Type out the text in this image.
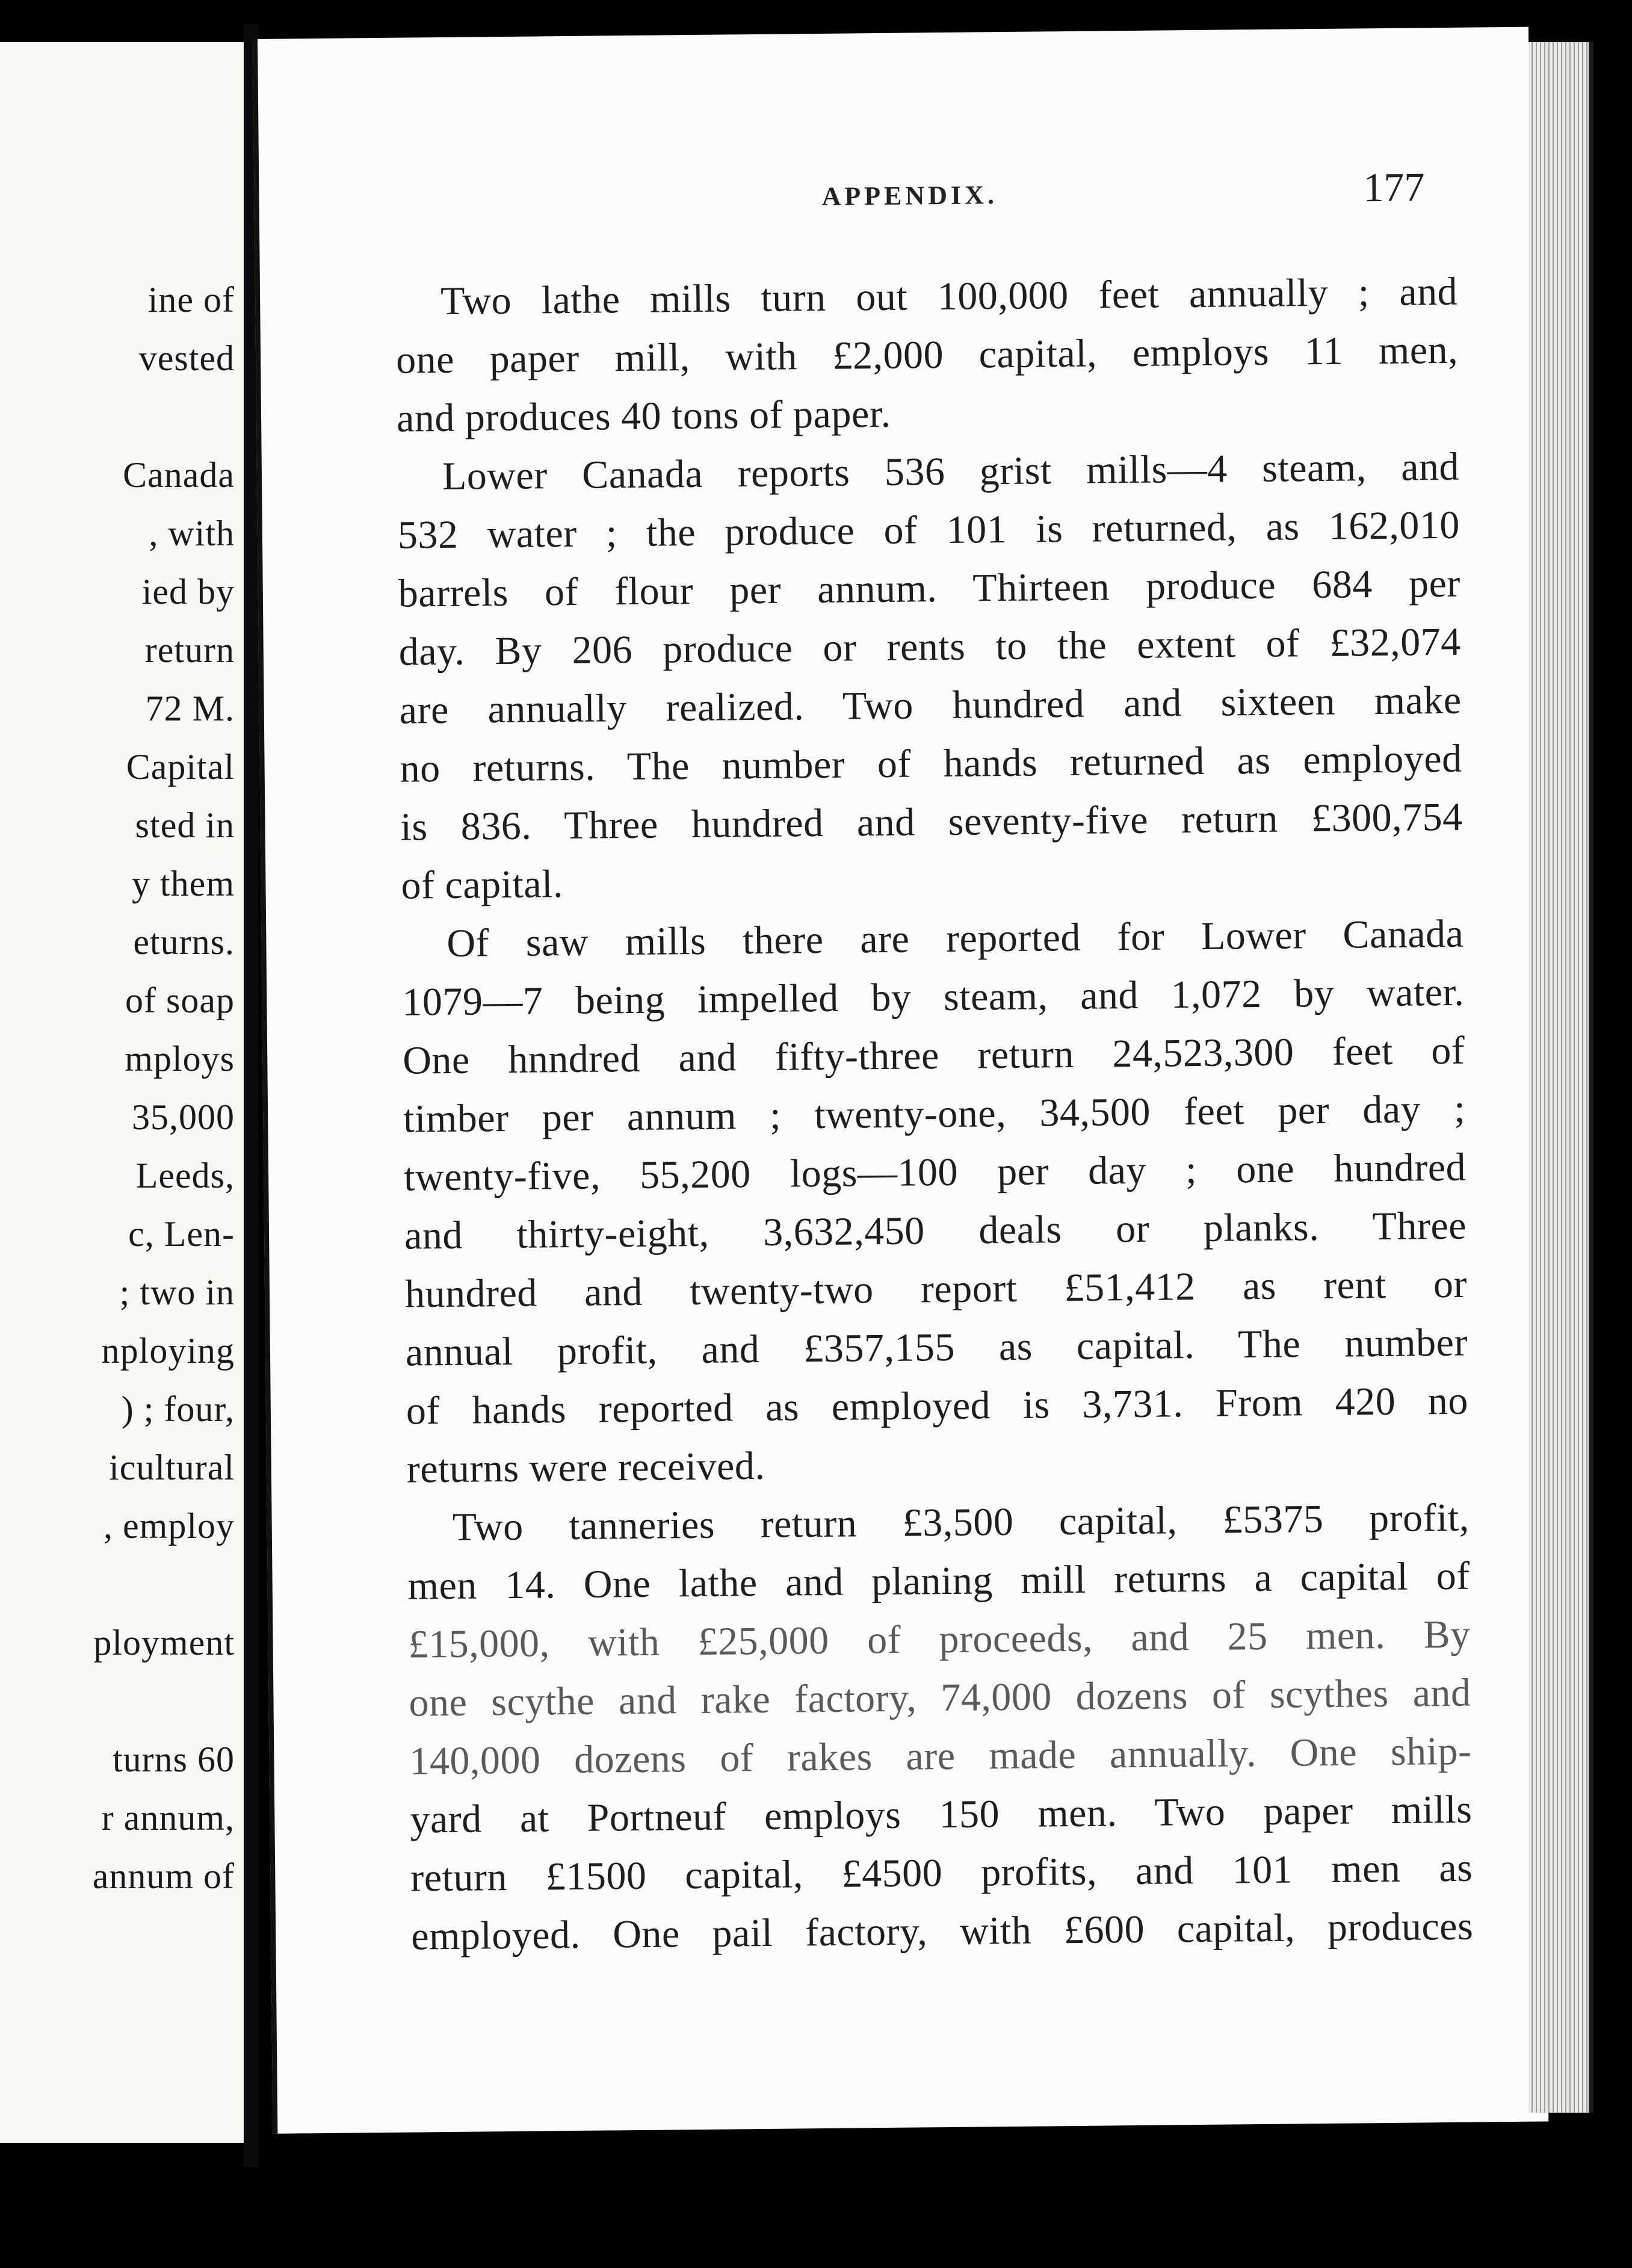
ine of
vested
Canada
, with
ied by
return
72 M.
Capital
sted in
y them
eturns.
of soap
mploys
35,000
Leeds,
c, Len-
; two in
nploying
) ; four,
icultural
, employ
ployment
turns 60
r annum,
annum of
APPENDIX.	177
Two lathe mills turn out 100,000 feet annually ; and
one paper mill, with £2,000 capital, employs 11 men,
and produces 40 tons of paper.
Lower Canada reports 536 grist mills—4 steam, and
532 water ; the produce of 101 is returned, as 162,010
barrels of flour per annum. Thirteen produce 684 per
day. By 206 produce or rents to the extent of £32,074
are annually realized. Two hundred and sixteen make
no returns. The number of hands returned as employed
is 836. Three hundred and seventy-five return £300,754
of capital.
Of saw mills there are reported for Lower Canada
1079—7 being impelled by steam, and 1,072 by water.
One hnndred and fifty-three return 24,523,300 feet of
timber per annum ; twenty-one, 34,500 feet per day ;
twenty-five, 55,200 logs—100 per day ; one hundred
and thirty-eight, 3,632,450 deals or planks. Three
hundred and twenty-two report £51,412 as rent or
annual profit, and £357,155 as capital. The number
of hands reported as employed is 3,731. From 420 no
returns were received.
Two tanneries return £3,500 capital, £5375 profit,
men 14. One lathe and planing mill returns a capital of
£15,000, with £25,000 of proceeds, and 25 men. By
one scythe and rake factory, 74,000 dozens of scythes and
140,000 dozens of rakes are made annually. One ship-
yard at Portneuf employs 150 men. Two paper mills
return £1500 capital, £4500 profits, and 101 men as
employed. One pail factory, with £600 capital, produces
